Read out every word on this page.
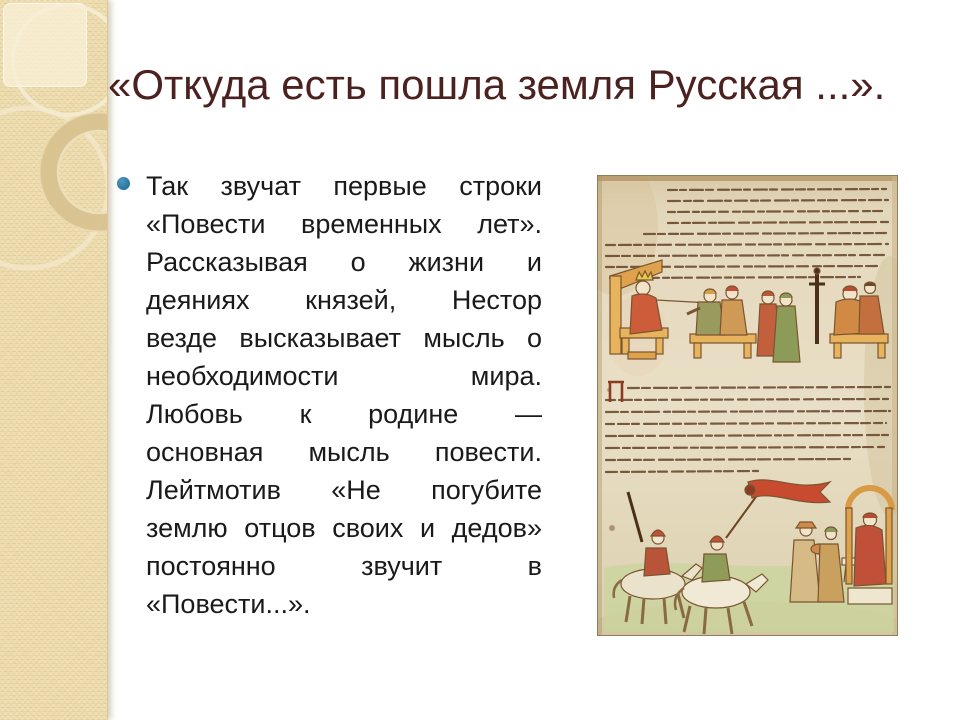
«Откуда есть пошла земля Русская ...».
Так звучат первые строки
«Повести временных лет».
Рассказывая о жизни и
деяниях князей, Нестор
везде высказывает мысль о
необходимости мира.
Любовь к родине —
основная мысль повести.
Лейтмотив «Не погубите
землю отцов своих и дедов»
постоянно звучит в
«Повести...».
